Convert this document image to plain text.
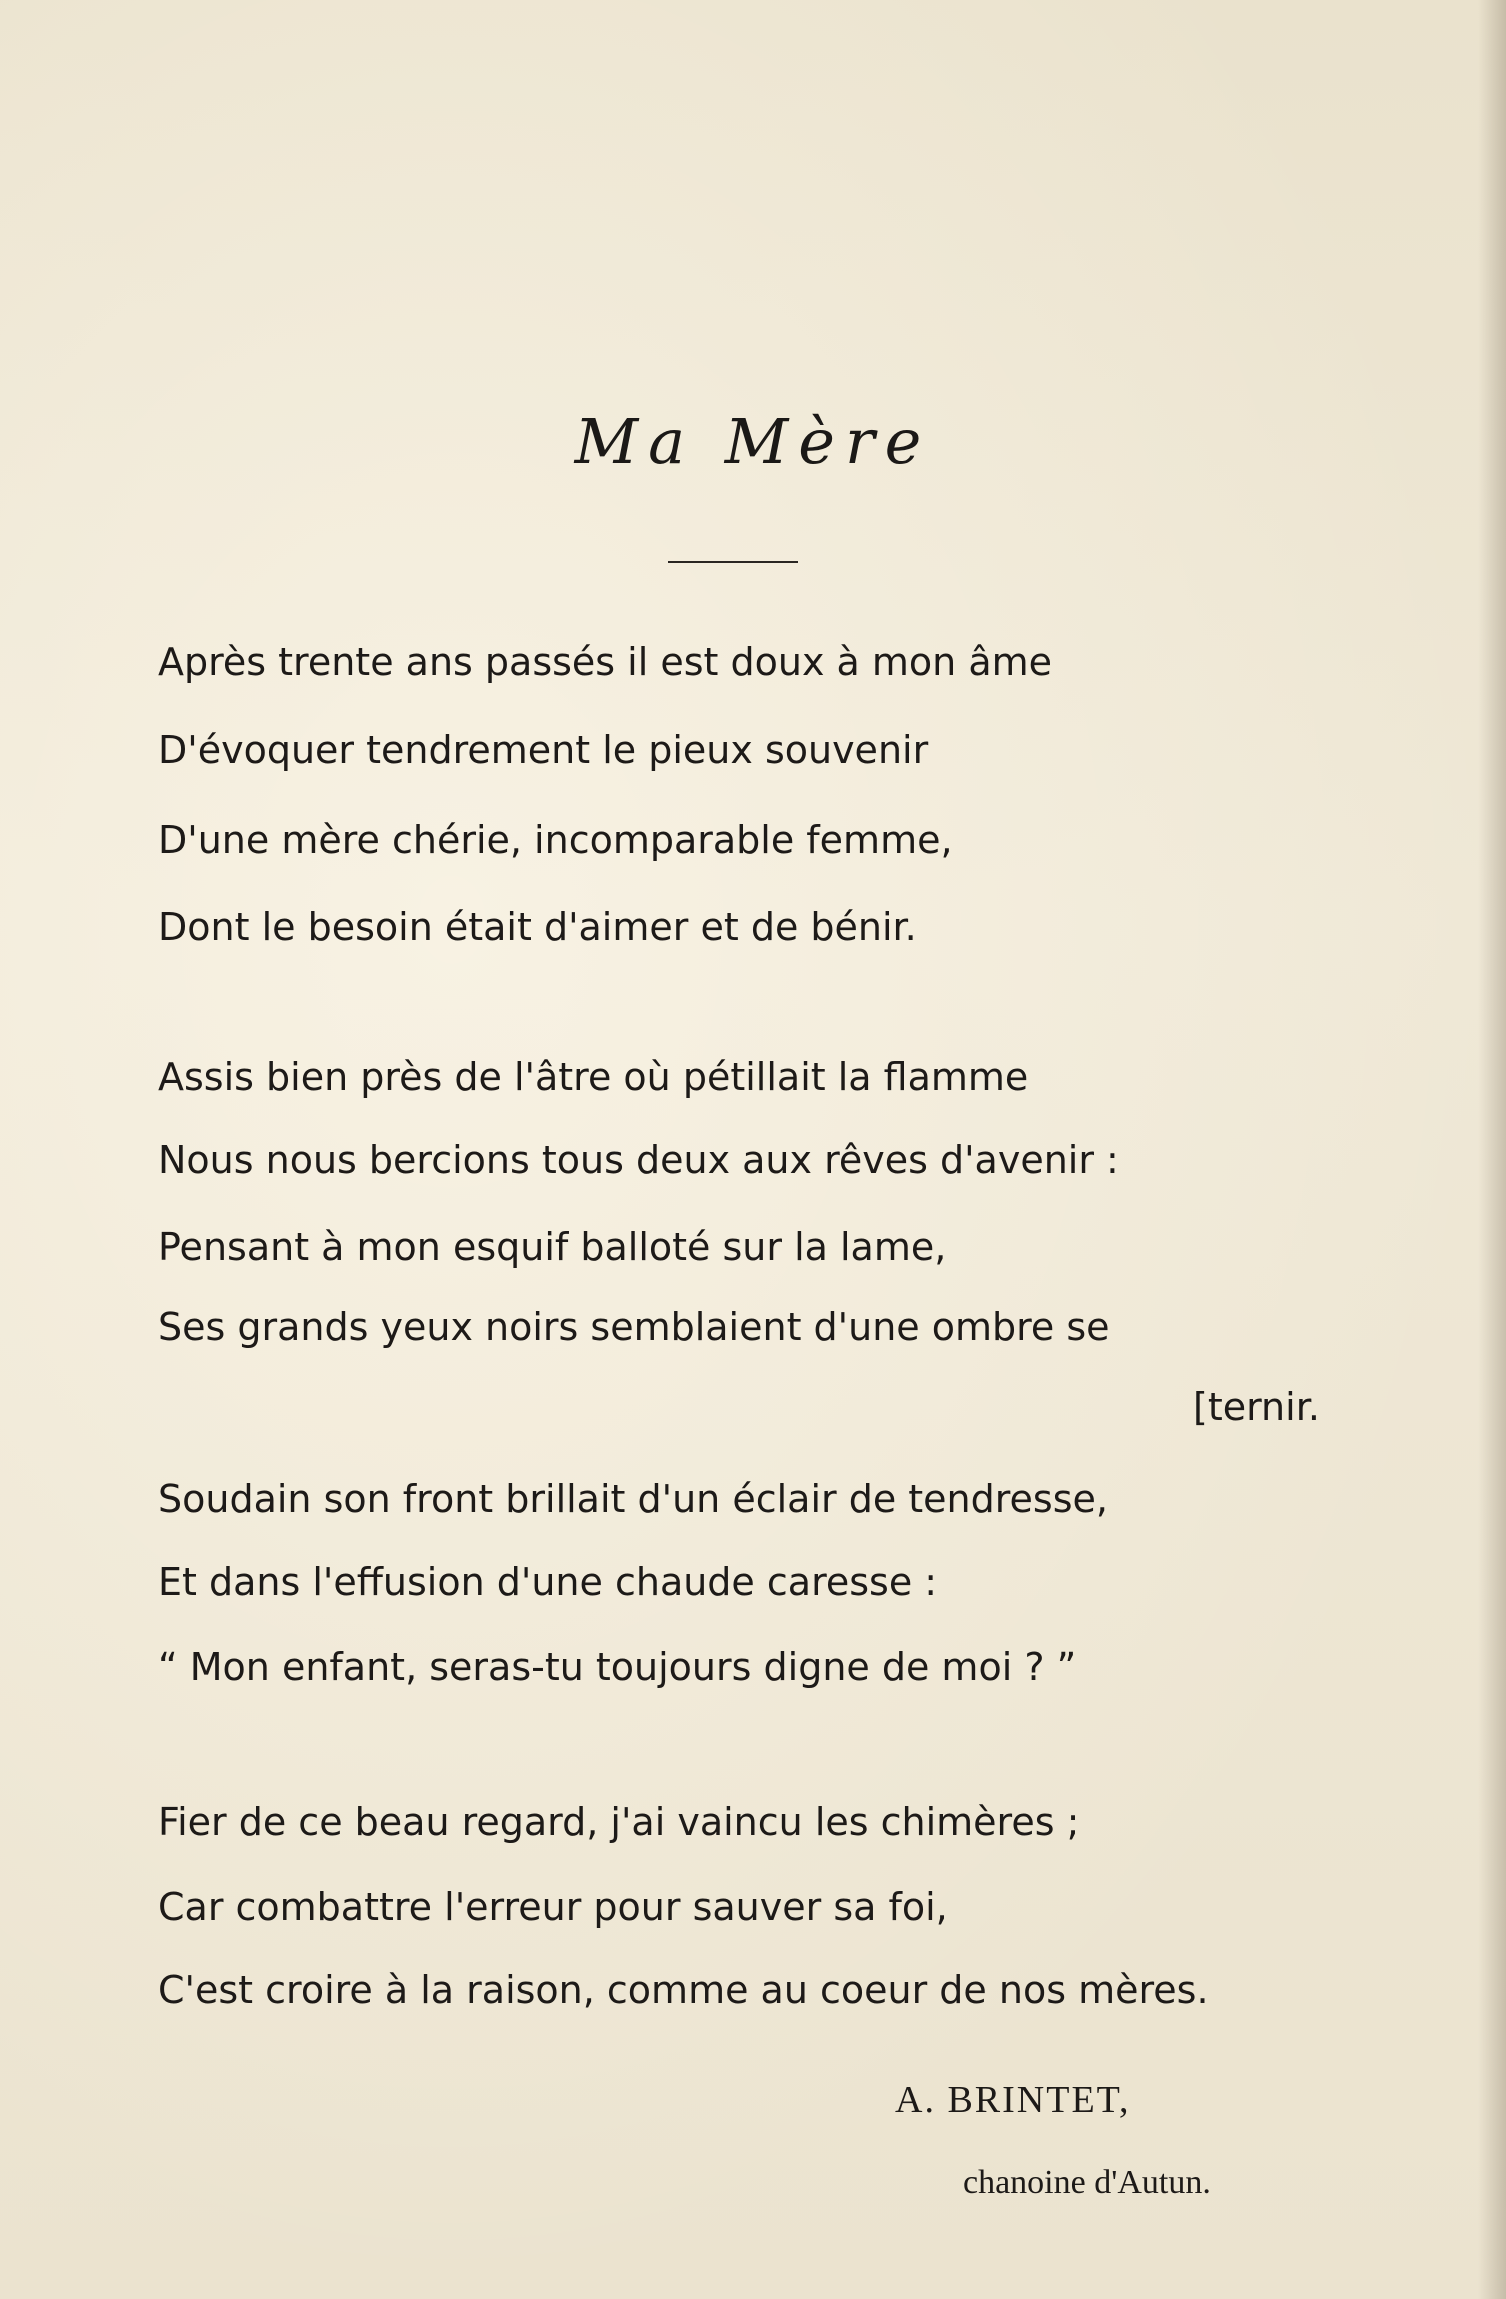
Ma Mère
Après trente ans passés il est doux à mon âme
D'évoquer tendrement le pieux souvenir
D'une mère chérie, incomparable femme,
Dont le besoin était d'aimer et de bénir.
Assis bien près de l'âtre où pétillait la flamme
Nous nous bercions tous deux aux rêves d'avenir :
Pensant à mon esquif balloté sur la lame,
Ses grands yeux noirs semblaient d'une ombre se
[ternir.
Soudain son front brillait d'un éclair de tendresse,
Et dans l'effusion d'une chaude caresse :
“ Mon enfant, seras-tu toujours digne de moi ? ”
Fier de ce beau regard, j'ai vaincu les chimères ;
Car combattre l'erreur pour sauver sa foi,
C'est croire à la raison, comme au coeur de nos mères.
A. BRINTET,
chanoine d'Autun.
